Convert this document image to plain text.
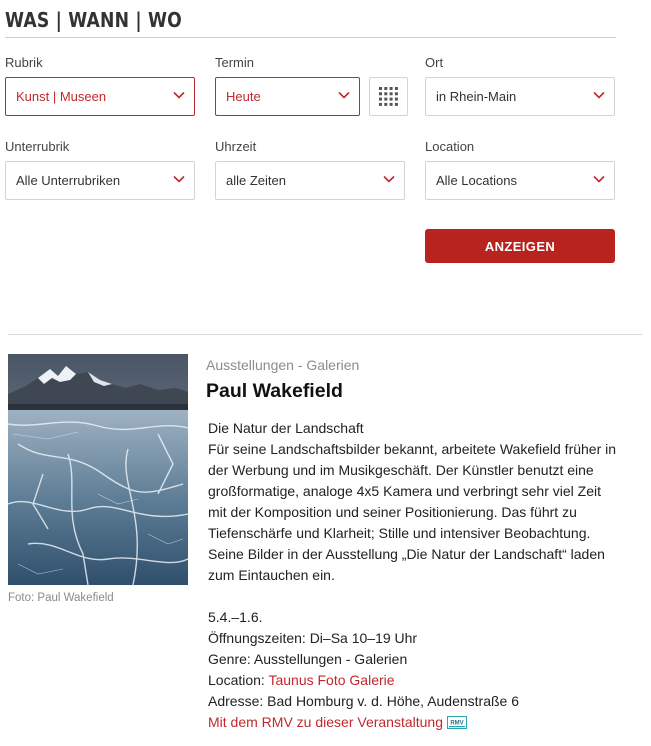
WAS | WANN | WO
Rubrik
Kunst | Museen
Termin
Heute
Ort
in Rhein-Main
Unterrubrik
Alle Unterrubriken
Uhrzeit
alle Zeiten
Location
Alle Locations
ANZEIGEN
Foto: Paul Wakefield
Ausstellungen - Galerien
Paul Wakefield

Die Natur der Landschaft

Für seine Landschaftsbilder bekannt, arbeitete Wakefield früher in

der Werbung und im Musikgeschäft. Der Künstler benutzt eine

großformatige, analoge 4x5 Kamera und verbringt sehr viel Zeit

mit der Komposition und seiner Positionierung. Das führt zu

Tiefenschärfe und Klarheit; Stille und intensiver Beobachtung.

Seine Bilder in der Ausstellung „Die Natur der Landschaft“ laden

zum Eintauchen ein.

5.4.–1.6.

Öffnungszeiten: Di–Sa 10–19 Uhr

Genre: Ausstellungen - Galerien

Location: Taunus Foto Galerie

Adresse: Bad Homburg v. d. Höhe, Audenstraße 6

Mit dem RMV zu dieser Veranstaltung RMV
